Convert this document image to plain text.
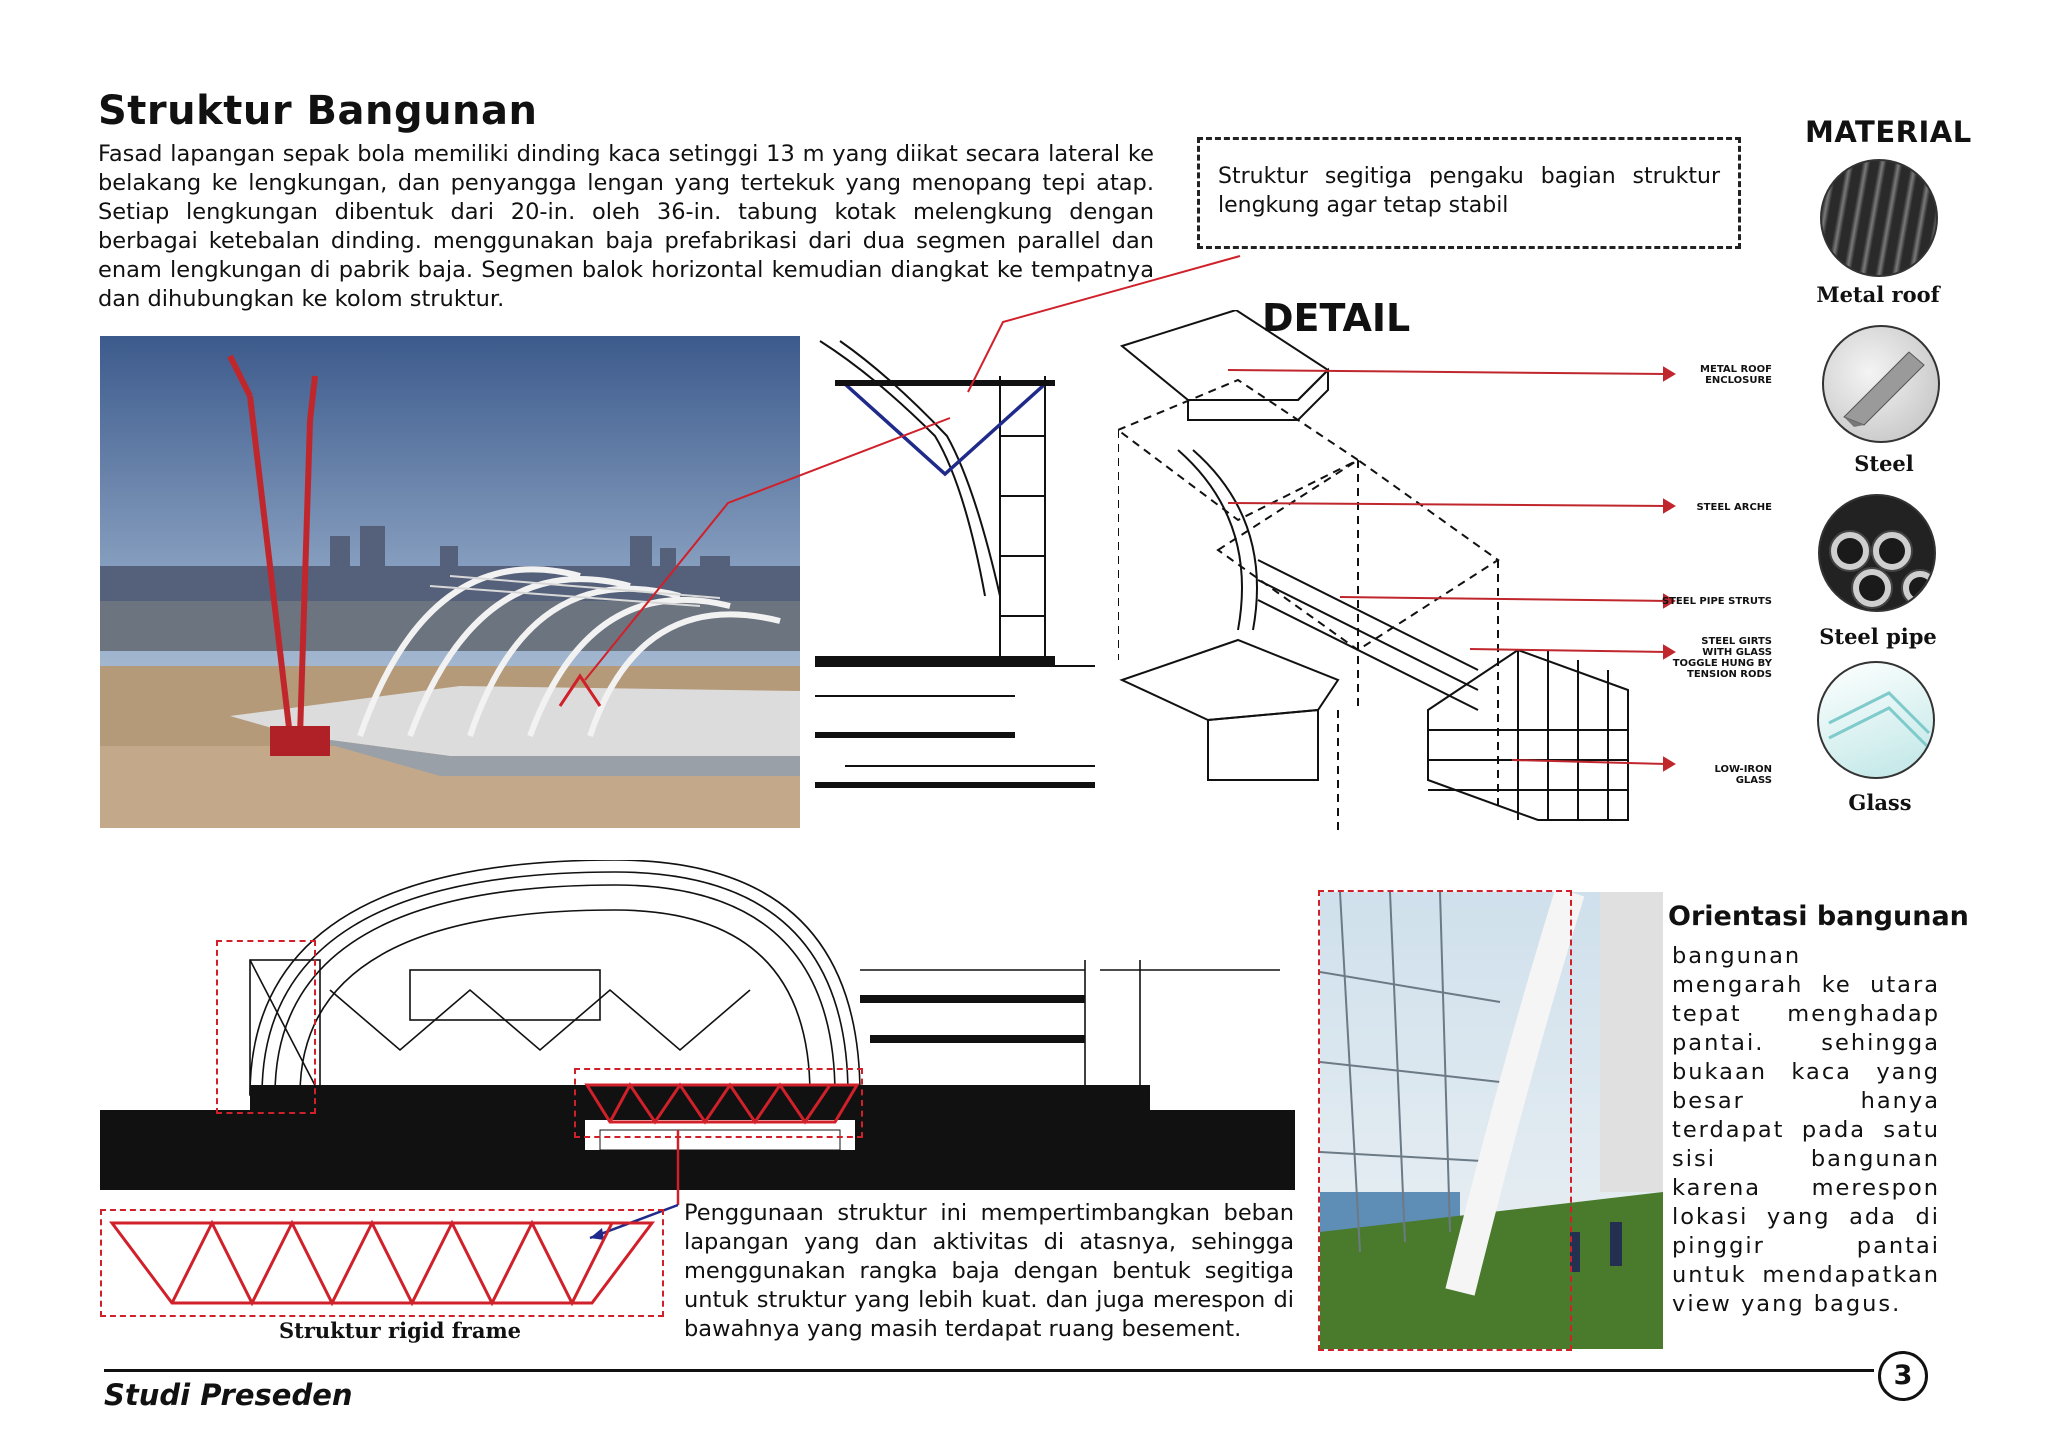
Struktur Bangunan
Fasad lapangan sepak bola memiliki dinding kaca setinggi 13 m yang diikat secara lateral ke belakang ke lengkungan, dan penyangga lengan yang tertekuk yang menopang tepi atap. Setiap lengkungan dibentuk dari 20-in. oleh 36-in. tabung kotak melengkung dengan berbagai ketebalan dinding. menggunakan baja prefabrikasi dari dua segmen parallel dan enam lengkungan di pabrik baja. Segmen balok horizontal kemudian diangkat ke tempatnya dan dihubungkan ke kolom struktur.
Struktur segitiga pengaku bagian struktur lengkung agar tetap stabil
DETAIL
METAL ROOF ENCLOSURE
STEEL ARCHE
STEEL PIPE STRUTS
STEEL GIRTS WITH GLASS TOGGLE HUNG BY TENSION RODS
LOW-IRON GLASS
MATERIAL
Metal roof
Steel
Steel pipe
Glass
Struktur rigid frame
Penggunaan struktur ini mempertimbangkan beban lapangan yang dan aktivitas di atasnya, sehingga menggunakan rangka baja dengan bentuk segitiga untuk struktur yang lebih kuat. dan juga merespon di bawahnya yang masih terdapat ruang besement.
Orientasi bangunan
bangunan mengarah ke utara tepat menghadap pantai. sehingga bukaan kaca yang besar hanya terdapat pada satu sisi bangunan karena merespon lokasi yang ada di pinggir pantai untuk mendapatkan view yang bagus.
Studi Preseden
3
